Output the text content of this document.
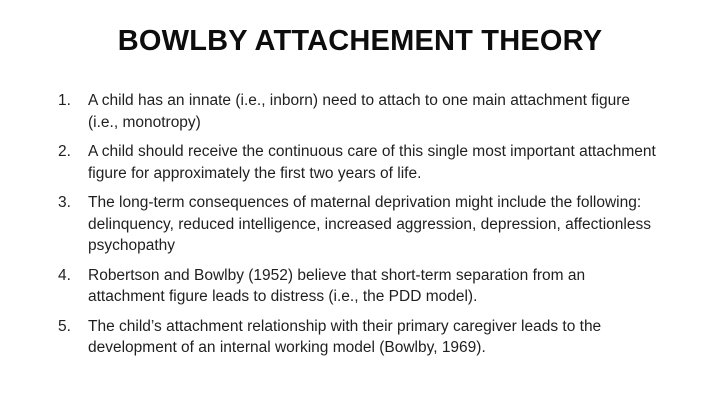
BOWLBY ATTACHEMENT THEORY
1.	A child has an innate (i.e., inborn) need to attach to one main attachment figure (i.e., monotropy)
2.	A child should receive the continuous care of this single most important attachment figure for approximately the first two years of life.
3.	The long-term consequences of maternal deprivation might include the following: delinquency, reduced intelligence, increased aggression, depression, affectionless psychopathy
4.	Robertson and Bowlby (1952) believe that short-term separation from an attachment figure leads to distress (i.e., the PDD model).
5.	The child’s attachment relationship with their primary caregiver leads to the development of an internal working model (Bowlby, 1969).
